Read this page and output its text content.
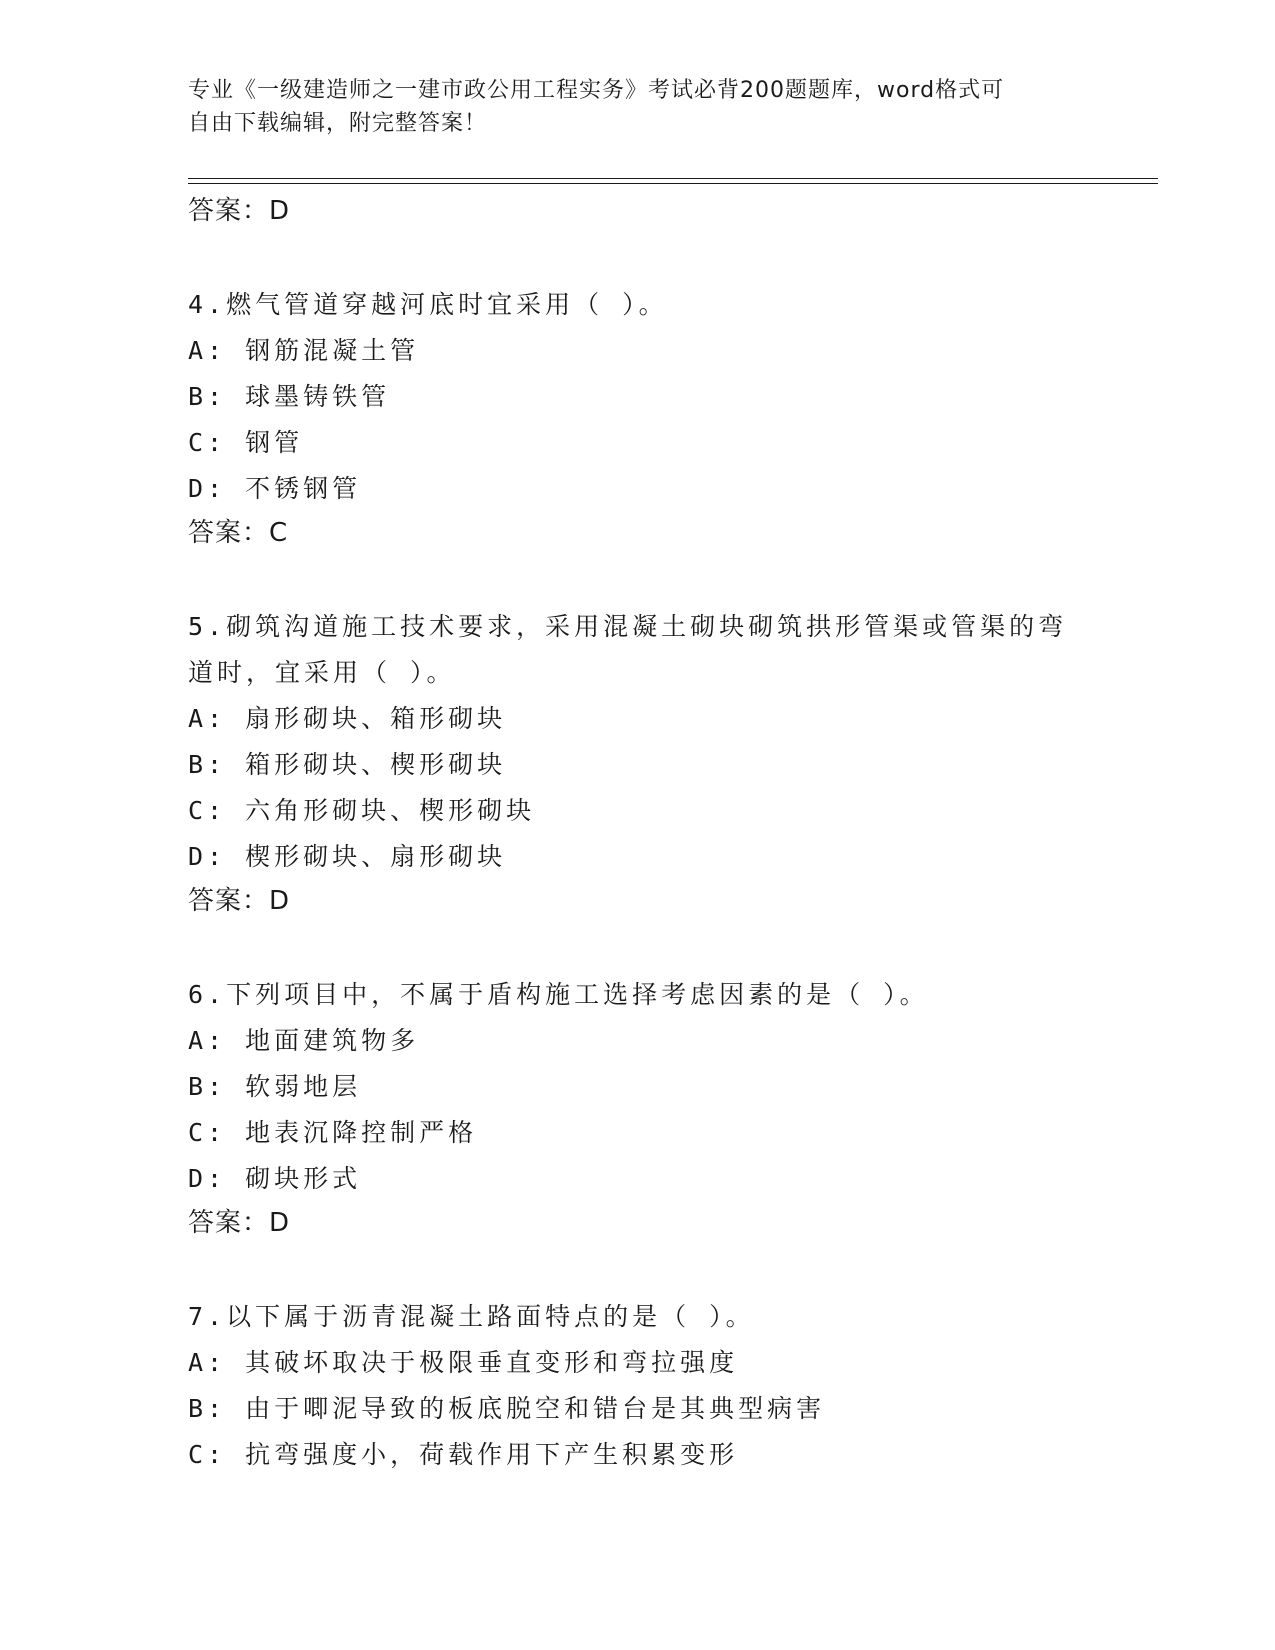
专业《一级建造师之一建市政公用工程实务》考试必背200题题库，word格式可
自由下载编辑，附完整答案！
答案：D
4.燃气管道穿越河底时宜采用（ ）。
A: 钢筋混凝土管
B: 球墨铸铁管
C: 钢管
D: 不锈钢管
答案：C
5.砌筑沟道施工技术要求，采用混凝土砌块砌筑拱形管渠或管渠的弯
道时，宜采用（ ）。
A: 扇形砌块、箱形砌块
B: 箱形砌块、楔形砌块
C: 六角形砌块、楔形砌块
D: 楔形砌块、扇形砌块
答案：D
6.下列项目中，不属于盾构施工选择考虑因素的是（ ）。
A: 地面建筑物多
B: 软弱地层
C: 地表沉降控制严格
D: 砌块形式
答案：D
7.以下属于沥青混凝土路面特点的是（ ）。
A: 其破坏取决于极限垂直变形和弯拉强度
B: 由于唧泥导致的板底脱空和错台是其典型病害
C: 抗弯强度小，荷载作用下产生积累变形
